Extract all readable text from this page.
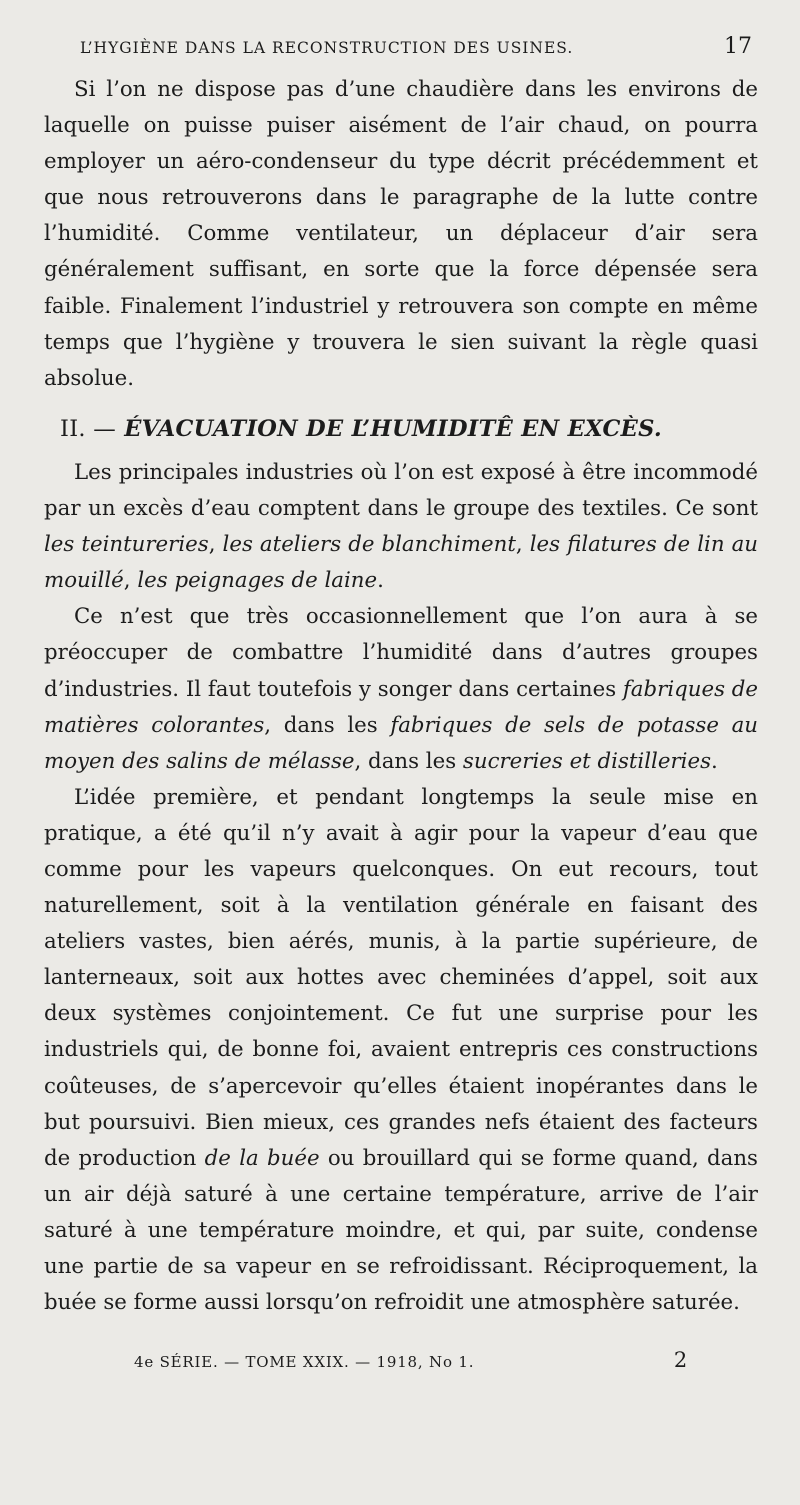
L’HYGIÈNE DANS LA RECONSTRUCTION DES USINES.	17

Si l’on ne dispose pas d’une chaudière dans les environs de laquelle on puisse puiser aisément de l’air chaud, on pourra employer un aéro-condenseur du type décrit précédemment et que nous retrouverons dans le paragraphe de la lutte contre l’humidité. Comme ventilateur, un déplaceur d’air sera généralement suffisant, en sorte que la force dépensée sera faible. Finalement l’industriel y retrouvera son compte en même temps que l’hygiène y trouvera le sien suivant la règle quasi absolue.

II. — ÉVACUATION DE L’HUMIDITÊ EN EXCÈS.

Les principales industries où l’on est exposé à être incommodé par un excès d’eau comptent dans le groupe des textiles. Ce sont les teintureries, les ateliers de blanchiment, les filatures de lin au mouillé, les peignages de laine.

Ce n’est que très occasionnellement que l’on aura à se préoccuper de combattre l’humidité dans d’autres groupes d’industries. Il faut toutefois y songer dans certaines fabriques de matières colorantes, dans les fabriques de sels de potasse au moyen des salins de mélasse, dans les sucreries et distilleries.

L’idée première, et pendant longtemps la seule mise en pratique, a été qu’il n’y avait à agir pour la vapeur d’eau que comme pour les vapeurs quelconques. On eut recours, tout naturellement, soit à la ventilation générale en faisant des ateliers vastes, bien aérés, munis, à la partie supérieure, de lanterneaux, soit aux hottes avec cheminées d’appel, soit aux deux systèmes conjointement. Ce fut une surprise pour les industriels qui, de bonne foi, avaient entrepris ces constructions coûteuses, de s’apercevoir qu’elles étaient inopérantes dans le but poursuivi. Bien mieux, ces grandes nefs étaient des facteurs de production de la buée ou brouillard qui se forme quand, dans un air déjà saturé à une certaine température, arrive de l’air saturé à une température moindre, et qui, par suite, condense une partie de sa vapeur en se refroidissant. Réciproquement, la buée se forme aussi lorsqu’on refroidit une atmosphère saturée.

4e SÉRIE. — TOME XXIX. — 1918, No 1.	2
